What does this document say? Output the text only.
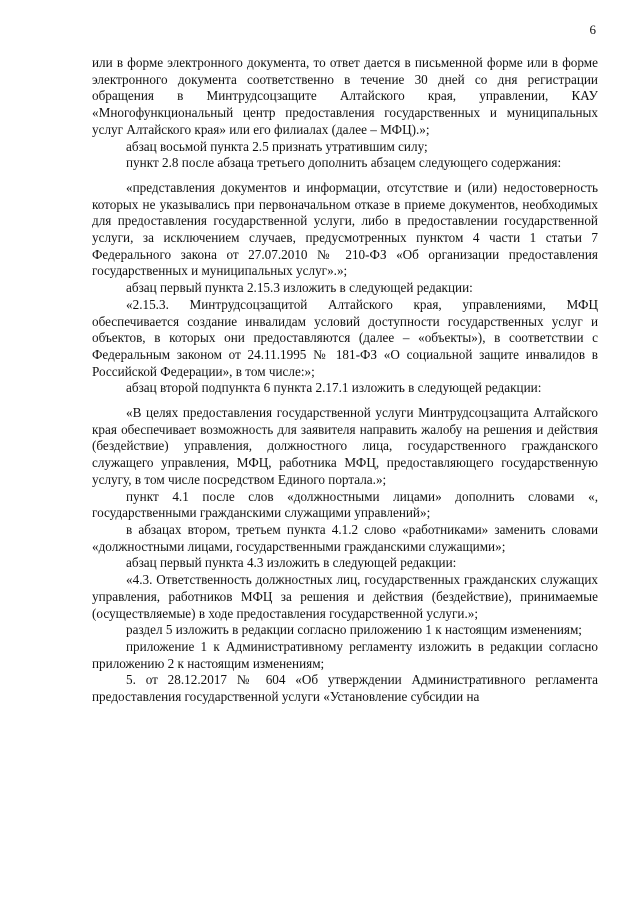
6

или в форме электронного документа, то ответ дается в письменной форме или в форме электронного документа соответственно в течение 30 дней со дня регистрации обращения в Минтрудсоцзащите Алтайского края, управлении, КАУ «Многофункциональный центр предоставления государственных и муниципальных услуг Алтайского края» или его филиалах (далее – МФЦ).»;

абзац восьмой пункта 2.5 признать утратившим силу;

пункт 2.8 после абзаца третьего дополнить абзацем следующего содержания:

«представления документов и информации, отсутствие и (или) недостоверность которых не указывались при первоначальном отказе в приеме документов, необходимых для предоставления государственной услуги, либо в предоставлении государственной услуги, за исключением случаев, предусмотренных пунктом 4 части 1 статьи 7 Федерального закона от 27.07.2010 № 210-ФЗ «Об организации предоставления государственных и муниципальных услуг».»;

абзац первый пункта 2.15.3 изложить в следующей редакции:

«2.15.3. Минтрудсоцзащитой Алтайского края, управлениями, МФЦ обеспечивается создание инвалидам условий доступности государственных услуг и объектов, в которых они предоставляются (далее – «объекты»), в соответствии с Федеральным законом от 24.11.1995 № 181-ФЗ «О социальной защите инвалидов в Российской Федерации», в том числе:»;

абзац второй подпункта 6 пункта 2.17.1 изложить в следующей редакции:

«В целях предоставления государственной услуги Минтрудсоцзащита Алтайского края обеспечивает возможность для заявителя направить жалобу на решения и действия (бездействие) управления, должностного лица, государственного гражданского служащего управления, МФЦ, работника МФЦ, предоставляющего государственную услугу, в том числе посредством Единого портала.»;

пункт 4.1 после слов «должностными лицами» дополнить словами «, государственными гражданскими служащими управлений»;

в абзацах втором, третьем пункта 4.1.2 слово «работниками» заменить словами «должностными лицами, государственными гражданскими служащими»;

абзац первый пункта 4.3 изложить в следующей редакции:

«4.3. Ответственность должностных лиц, государственных гражданских служащих управления, работников МФЦ за решения и действия (бездействие), принимаемые (осуществляемые) в ходе предоставления государственной услуги.»;

раздел 5 изложить в редакции согласно приложению 1 к настоящим изменениям;

приложение 1 к Административному регламенту изложить в редакции согласно приложению 2 к настоящим изменениям;

5. от 28.12.2017 № 604 «Об утверждении Административного регламента предоставления государственной услуги «Установление субсидии на
